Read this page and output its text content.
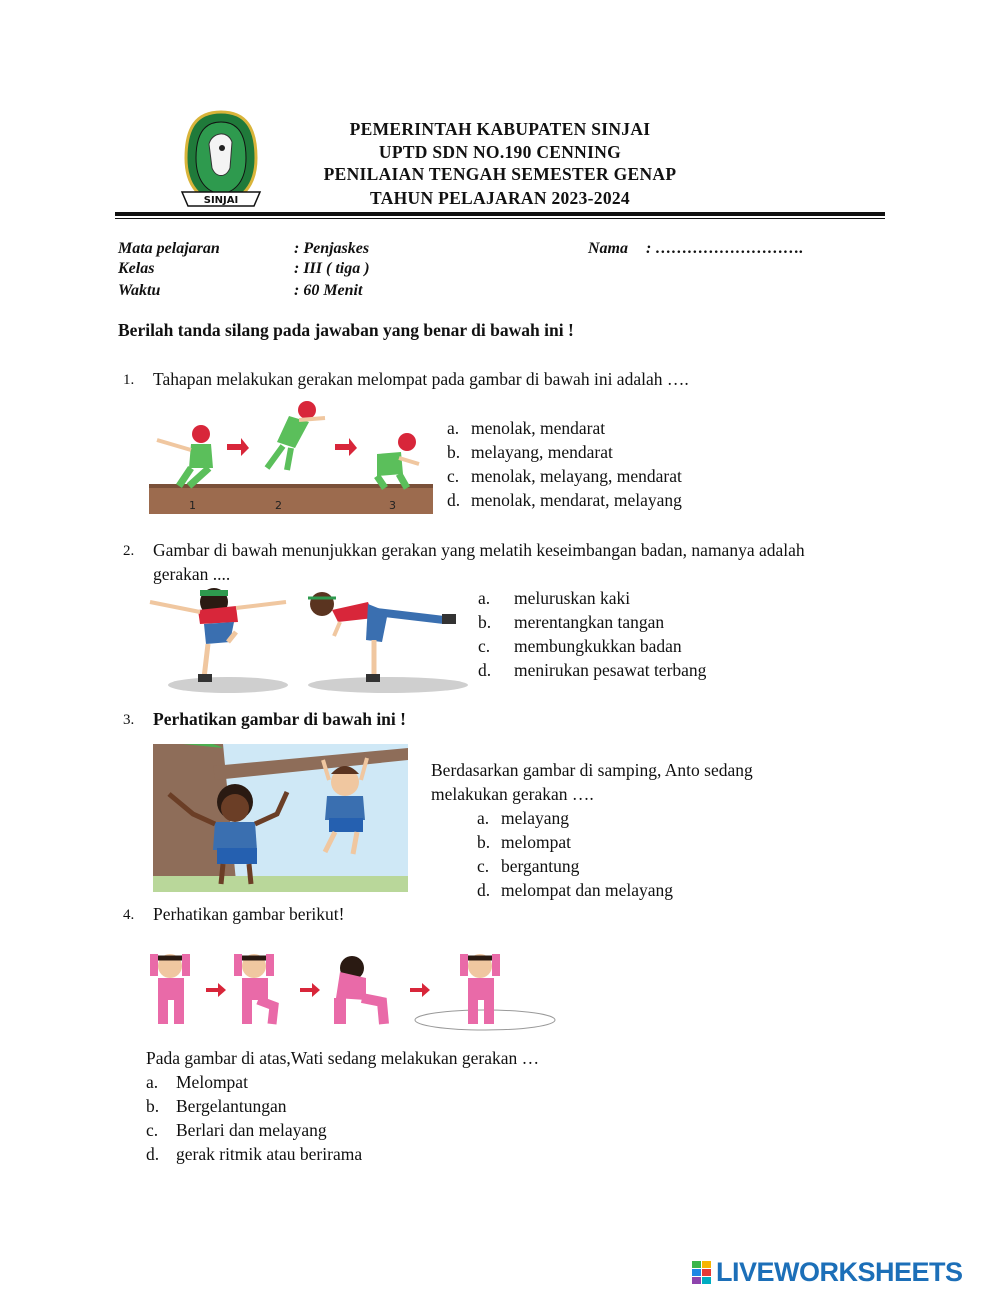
SINJAI
PEMERINTAH KABUPATEN SINJAI
UPTD SDN NO.190 CENNING
PENILAIAN TENGAH SEMESTER GENAP
TAHUN PELAJARAN 2023-2024
Mata pelajaran	: Penjaskes
Kelas	: III ( tiga )
Waktu	: 60 Menit
Nama : ……………………….
Berilah tanda silang pada jawaban yang benar di bawah ini !
1. Tahapan melakukan gerakan melompat pada gambar di bawah ini adalah ….
1	2	3
a. menolak, mendarat
b. melayang, mendarat
c. menolak, melayang, mendarat
d. menolak, mendarat, melayang
2. Gambar di bawah menunjukkan gerakan yang melatih keseimbangan badan, namanya adalah
gerakan ....
a. meluruskan kaki
b. merentangkan tangan
c. membungkukkan badan
d. menirukan pesawat terbang
3. Perhatikan gambar di bawah ini !
Berdasarkan gambar di samping, Anto sedang
melakukan gerakan ….
a. melayang
b. melompat
c. bergantung
d. melompat dan melayang
4. Perhatikan gambar berikut!
Pada gambar di atas,Wati sedang melakukan gerakan …
a. Melompat
b. Bergelantungan
c. Berlari dan melayang
d. gerak ritmik atau berirama
LIVEWORKSHEETS
